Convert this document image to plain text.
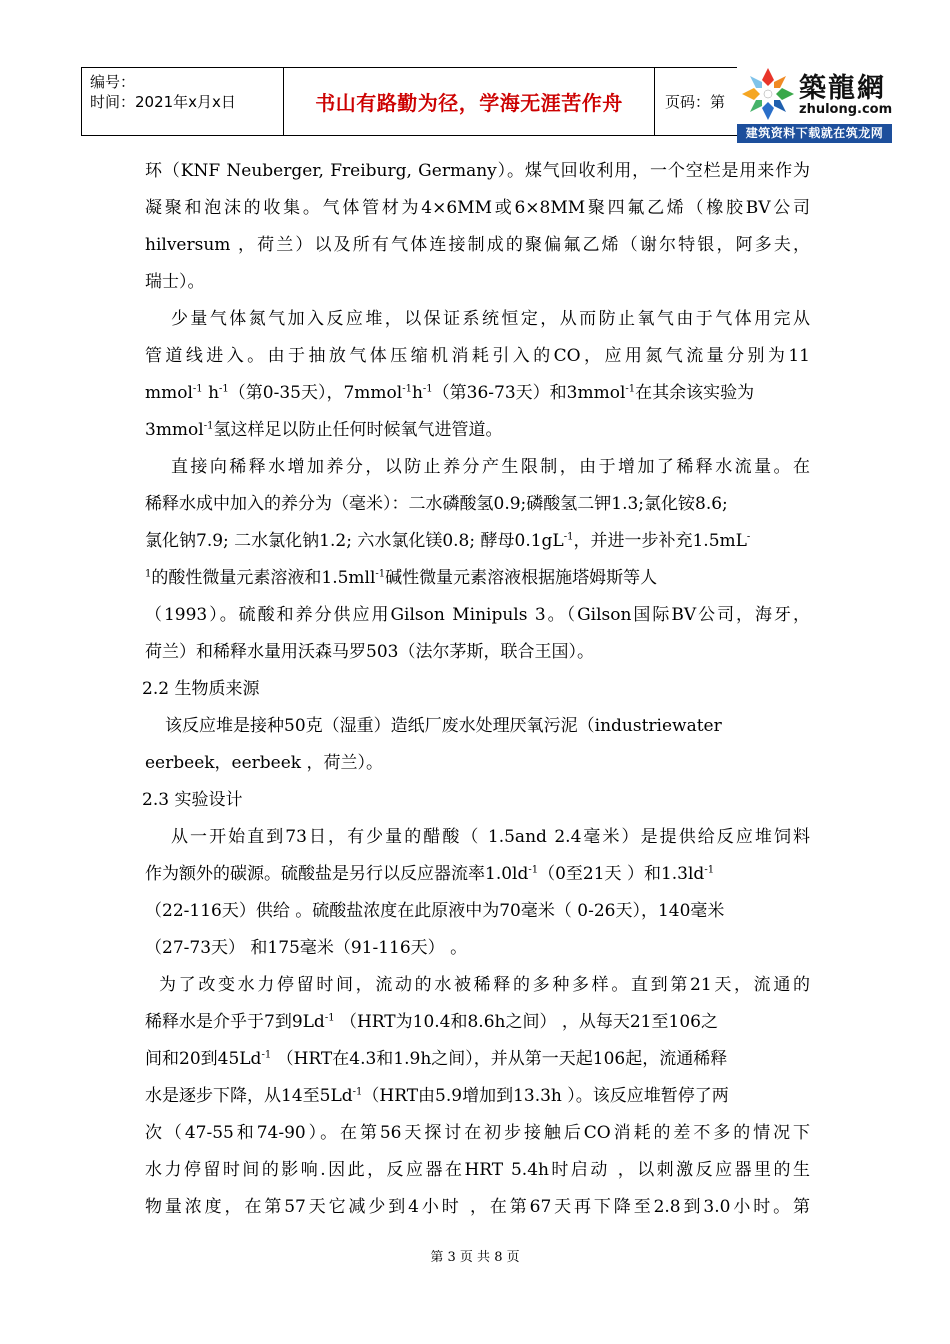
编号：
时间：2021年x月x日	书山有路勤为径，学海无涯苦作舟	页码：第	築龍網
zhulong.com
建筑资料下载就在筑龙网
环（KNF Neuberger, Freiburg, Germany）。煤气回收利用，一个空栏是用来作为
凝聚和泡沫的收集。气体管材为4×6MM或6×8MM聚四氟乙烯（橡胶BV公司
hilversum ，荷兰）以及所有气体连接制成的聚偏氟乙烯（谢尔特银，阿多夫，
瑞士）。
少量气体氮气加入反应堆，以保证系统恒定，从而防止氧气由于气体用完从
管道线进入。由于抽放气体压缩机消耗引入的CO，应用氮气流量分别为11
mmol$^{-1}$ $h^{-1}$（第0-35天），$7mmol^{-1}h^{-1}$（第36-73天）和3mmol$^{-1}$在其余该实验为
3mmol$^{-1}$氢这样足以防止任何时候氧气进管道。
直接向稀释水增加养分，以防止养分产生限制，由于增加了稀释水流量。在
稀释水成中加入的养分为（毫米）：二水磷酸氢0.9;磷酸氢二钾1.3;氯化铵8.6;
氯化钠7.9; 二水氯化钠1.2; 六水氯化镁0.8; 酵母$0.1gL^{-1}$，并进一步补充1.5mL-
$^1$的酸性微量元素溶液和1.5mll$^{-1}$碱性微量元素溶液根据施塔姆斯等人
（1993）。硫酸和养分供应用Gilson Minipuls 3。（Gilson国际BV公司，海牙，
荷兰）和稀释水量用沃森马罗503（法尔茅斯，联合王国）。
2.2 生物质来源
该反应堆是接种50克（湿重）造纸厂废水处理厌氧污泥（industriewater
eerbeek，eerbeek ，荷兰）。
2.3 实验设计
从一开始直到73日，有少量的醋酸（ 1.5and 2.4毫米）是提供给反应堆饲料
作为额外的碳源。硫酸盐是另行以反应器流率$1.0ld^{-1}(0$至21天 ）和$1.3ld^{-1}$
（22-116天）供给 。硫酸盐浓度在此原液中为70毫米（ 0-26天），140毫米
（27-73天） 和175毫米（91-116天） 。
为了改变水力停留时间，流动的水被稀释的多种多样。直到第21天，流通的
稀释水是介乎于7到$9Ld^{-1}$ （HRT为10.4和8.6h之间） ，从每天21至106之
间和20到$45Ld^{-1}$ （HRT在4.3和1.9h之间），并从第一天起106起，流通稀释
水是逐步下降，从14至$5Ld^{-1}(HRT$由5.9增加到13.3h ）。该反应堆暂停了两
次（47-55和74-90）。在第56天探讨在初步接触后CO消耗的差不多的情况下
水力停留时间的影响.因此，反应器在HRT 5.4h时启动 ，以刺激反应器里的生
物量浓度，在第57天它减少到4小时 ，在第67天再下降至2.8到3.0小时。第
第 3 页 共 8 页
